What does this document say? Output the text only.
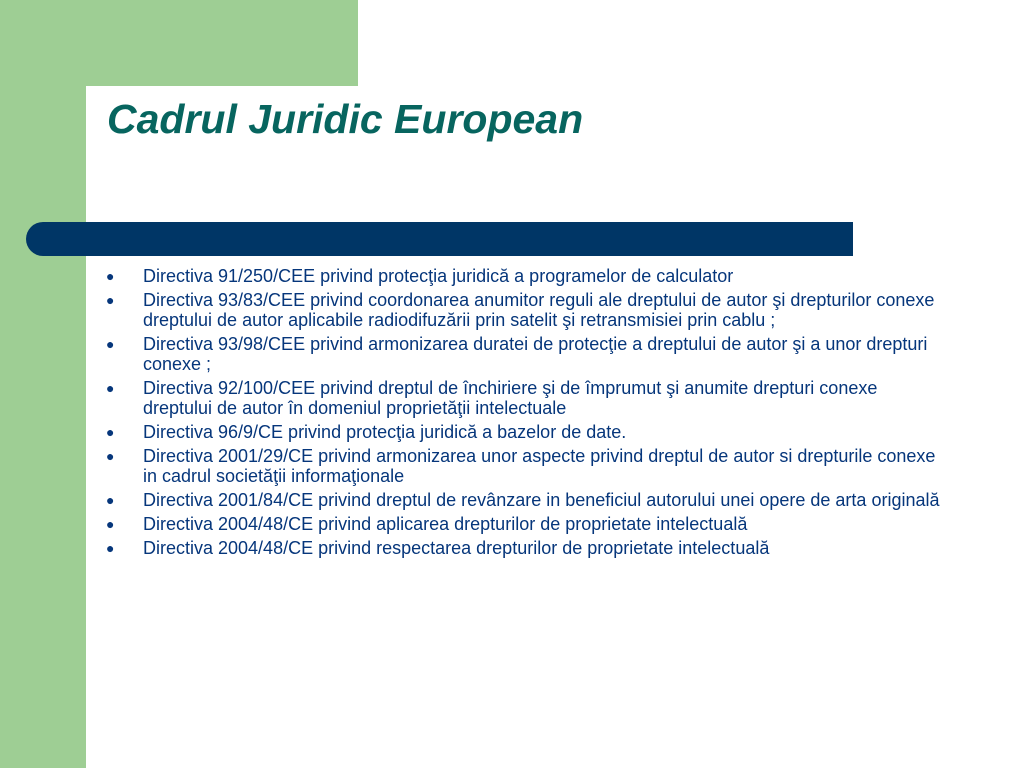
Cadrul Juridic European
●	Directiva 91/250/CEE privind protecţia juridică a programelor de calculator
●	Directiva 93/83/CEE privind coordonarea anumitor reguli ale dreptului de autor şi drepturilor conexe dreptului de autor aplicabile radiodifuzării prin satelit şi retransmisiei prin cablu ;
●	Directiva 93/98/CEE privind armonizarea duratei de protecţie a dreptului de autor şi a unor drepturi conexe ;
●	Directiva 92/100/CEE privind dreptul de închiriere şi de împrumut şi anumite drepturi conexe dreptului de autor în domeniul proprietăţii intelectuale
●	Directiva 96/9/CE privind protecţia juridică a bazelor de date.
●	Directiva 2001/29/CE privind armonizarea unor aspecte privind dreptul de autor si drepturile conexe in cadrul societăţii informaţionale
●	Directiva 2001/84/CE privind dreptul de revânzare in beneficiul autorului unei opere de arta originală
●	Directiva 2004/48/CE privind aplicarea drepturilor de proprietate intelectuală
●	Directiva 2004/48/CE privind respectarea drepturilor de proprietate intelectuală
